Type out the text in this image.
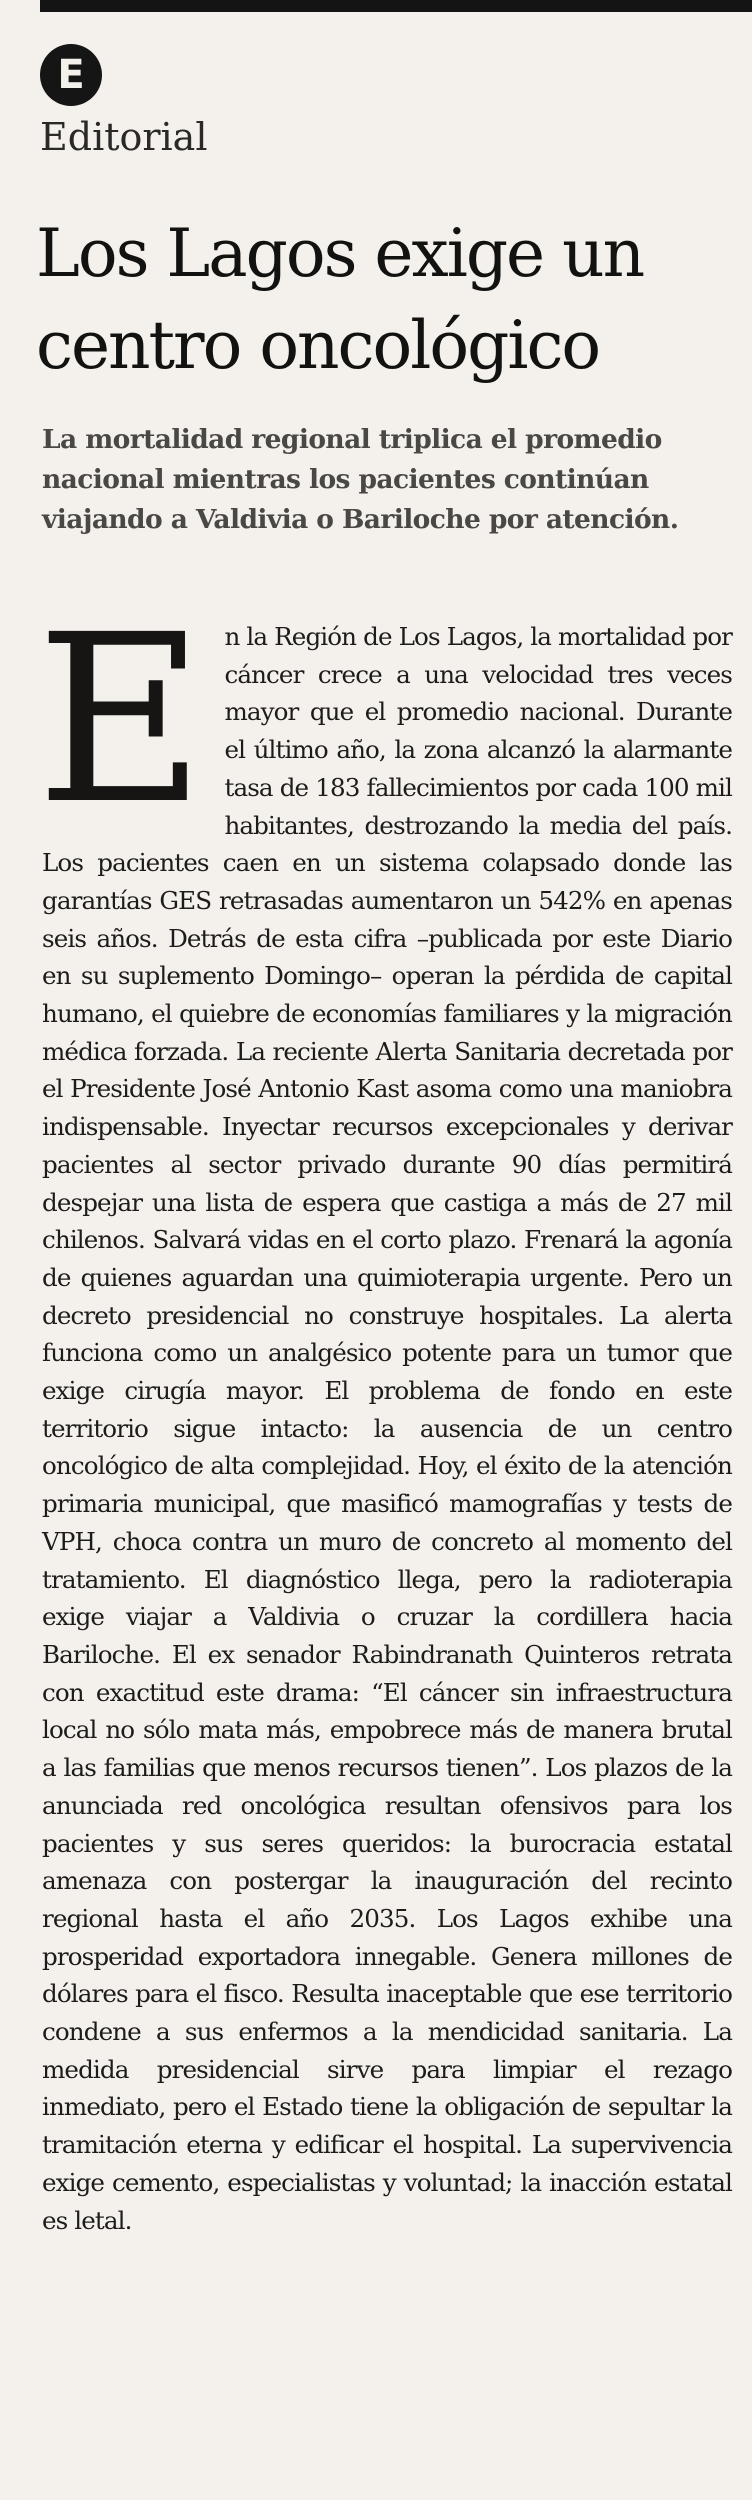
E

Editorial

Los Lagos exige un centro oncológico

La mortalidad regional triplica el promedio nacional mientras los pacientes continúan viajando a Valdivia o Bariloche por atención.

En la Región de Los Lagos, la mortalidad por cáncer crece a una velocidad tres veces mayor que el promedio nacional. Durante el último año, la zona alcanzó la alarmante tasa de 183 fallecimientos por cada 100 mil habitantes, destrozando la media del país. Los pacientes caen en un sistema colapsado donde las garantías GES retrasadas aumentaron un 542% en apenas seis años. Detrás de esta cifra –publicada por este Diario en su suplemento Domingo– operan la pérdida de capital humano, el quiebre de economías familiares y la migración médica forzada. La reciente Alerta Sanitaria decretada por el Presidente José Antonio Kast asoma como una maniobra indispensable. Inyectar recursos excepcionales y derivar pacientes al sector privado durante 90 días permitirá despejar una lista de espera que castiga a más de 27 mil chilenos. Salvará vidas en el corto plazo. Frenará la agonía de quienes aguardan una quimioterapia urgente. Pero un decreto presidencial no construye hospitales. La alerta funciona como un analgésico potente para un tumor que exige cirugía mayor. El problema de fondo en este territorio sigue intacto: la ausencia de un centro oncológico de alta complejidad. Hoy, el éxito de la atención primaria municipal, que masificó mamografías y tests de VPH, choca contra un muro de concreto al momento del tratamiento. El diagnóstico llega, pero la radioterapia exige viajar a Valdivia o cruzar la cordillera hacia Bariloche. El ex senador Rabindranath Quinteros retrata con exactitud este drama: “El cáncer sin infraestructura local no sólo mata más, empobrece más de manera brutal a las familias que menos recursos tienen”. Los plazos de la anunciada red oncológica resultan ofensivos para los pacientes y sus seres queridos: la burocracia estatal amenaza con postergar la inauguración del recinto regional hasta el año 2035. Los Lagos exhibe una prosperidad exportadora innegable. Genera millones de dólares para el fisco. Resulta inaceptable que ese territorio condene a sus enfermos a la mendicidad sanitaria. La medida presidencial sirve para limpiar el rezago inmediato, pero el Estado tiene la obligación de sepultar la tramitación eterna y edificar el hospital. La supervivencia exige cemento, especialistas y voluntad; la inacción estatal es letal.
